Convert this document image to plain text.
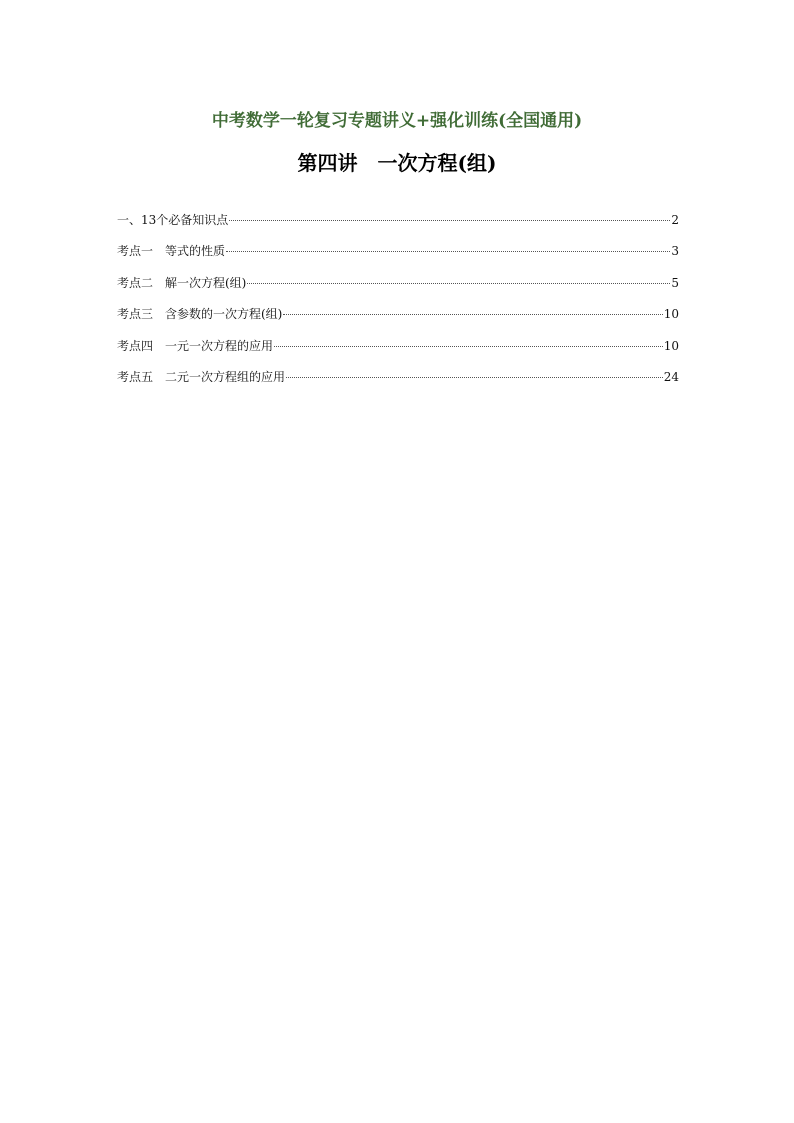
中考数学一轮复习专题讲义+强化训练(全国通用)
第四讲　一次方程(组)
一、13个必备知识点	2
考点一　等式的性质	3
考点二　解一次方程(组)	5
考点三　含参数的一次方程(组)	10
考点四　一元一次方程的应用	10
考点五　二元一次方程组的应用	24
